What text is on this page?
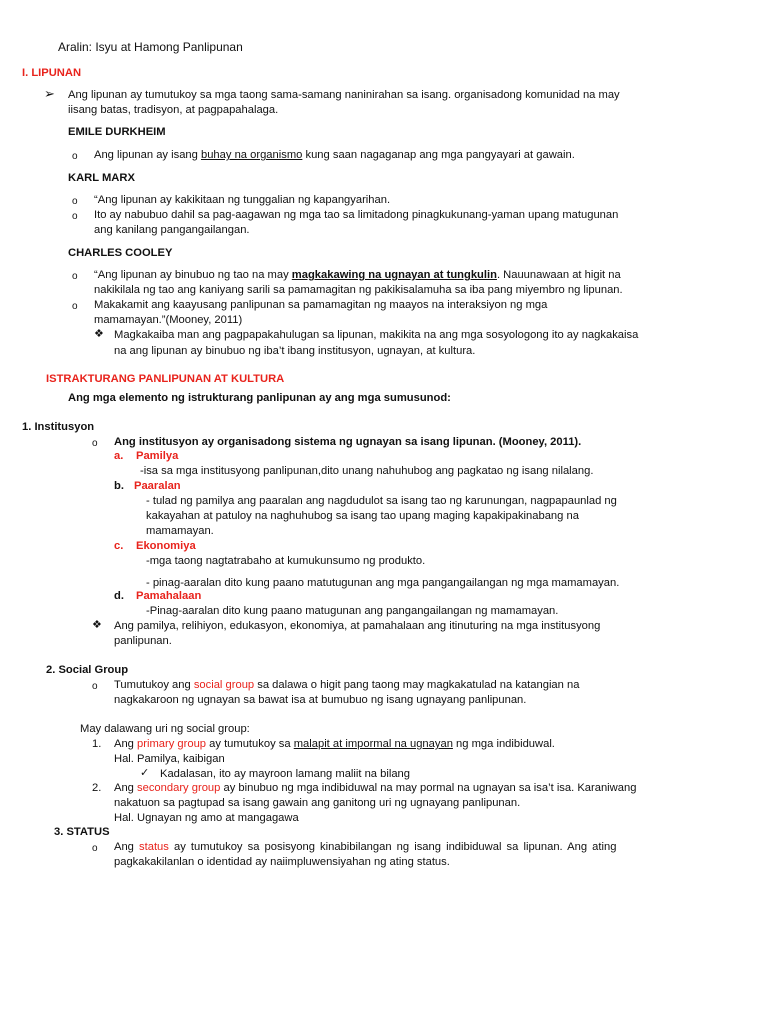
Aralin: Isyu at Hamong Panlipunan
I. LIPUNAN
➢ Ang lipunan ay tumutukoy sa mga taong sama-samang naninirahan sa isang. organisadong komunidad na may
iisang batas, tradisyon, at pagpapahalaga.
EMILE DURKHEIM
o Ang lipunan ay isang buhay na organismo kung saan nagaganap ang mga pangyayari at gawain.
KARL MARX
o “Ang lipunan ay kakikitaan ng tunggalian ng kapangyarihan.
o Ito ay nabubuo dahil sa pag-aagawan ng mga tao sa limitadong pinagkukunang-yaman upang matugunan
ang kanilang pangangailangan.
CHARLES COOLEY
o “Ang lipunan ay binubuo ng tao na may magkakawing na ugnayan at tungkulin. Nauunawaan at higit na
nakikilala ng tao ang kaniyang sarili sa pamamagitan ng pakikisalamuha sa iba pang miyembro ng lipunan.
o Makakamit ang kaayusang panlipunan sa pamamagitan ng maayos na interaksiyon ng mga
mamamayan.”(Mooney, 2011)
❖ Magkakaiba man ang pagpapakahulugan sa lipunan, makikita na ang mga sosyologong ito ay nagkakaisa
na ang lipunan ay binubuo ng iba’t ibang institusyon, ugnayan, at kultura.
ISTRAKTURANG PANLIPUNAN AT KULTURA
Ang mga elemento ng istrukturang panlipunan ay ang mga sumusunod:
1. Institusyon
o Ang institusyon ay organisadong sistema ng ugnayan sa isang lipunan. (Mooney, 2011).
a. Pamilya
-isa sa mga institusyong panlipunan,dito unang nahuhubog ang pagkatao ng isang nilalang.
b. Paaralan
- tulad ng pamilya ang paaralan ang nagdudulot sa isang tao ng karunungan, nagpapaunlad ng
kakayahan at patuloy na naghuhubog sa isang tao upang maging kapakipakinabang na
mamamayan.
c. Ekonomiya
-mga taong nagtatrabaho at kumukunsumo ng produkto.
- pinag-aaralan dito kung paano matutugunan ang mga pangangailangan ng mga mamamayan.
d. Pamahalaan
-Pinag-aaralan dito kung paano matugunan ang pangangailangan ng mamamayan.
❖ Ang pamilya, relihiyon, edukasyon, ekonomiya, at pamahalaan ang itinuturing na mga institusyong
panlipunan.
2. Social Group
o Tumutukoy ang social group sa dalawa o higit pang taong may magkakatulad na katangian na
nagkakaroon ng ugnayan sa bawat isa at bumubuo ng isang ugnayang panlipunan.
May dalawang uri ng social group:
1. Ang primary group ay tumutukoy sa malapit at impormal na ugnayan ng mga indibiduwal.
Hal. Pamilya, kaibigan
✓ Kadalasan, ito ay mayroon lamang maliit na bilang
2. Ang secondary group ay binubuo ng mga indibiduwal na may pormal na ugnayan sa isa’t isa. Karaniwang
nakatuon sa pagtupad sa isang gawain ang ganitong uri ng ugnayang panlipunan.
Hal. Ugnayan ng amo at mangagawa
3. STATUS
o Ang status ay tumutukoy sa posisyong kinabibilangan ng isang indibiduwal sa lipunan. Ang ating
pagkakakilanlan o identidad ay naiimpluwensiyahan ng ating status.
